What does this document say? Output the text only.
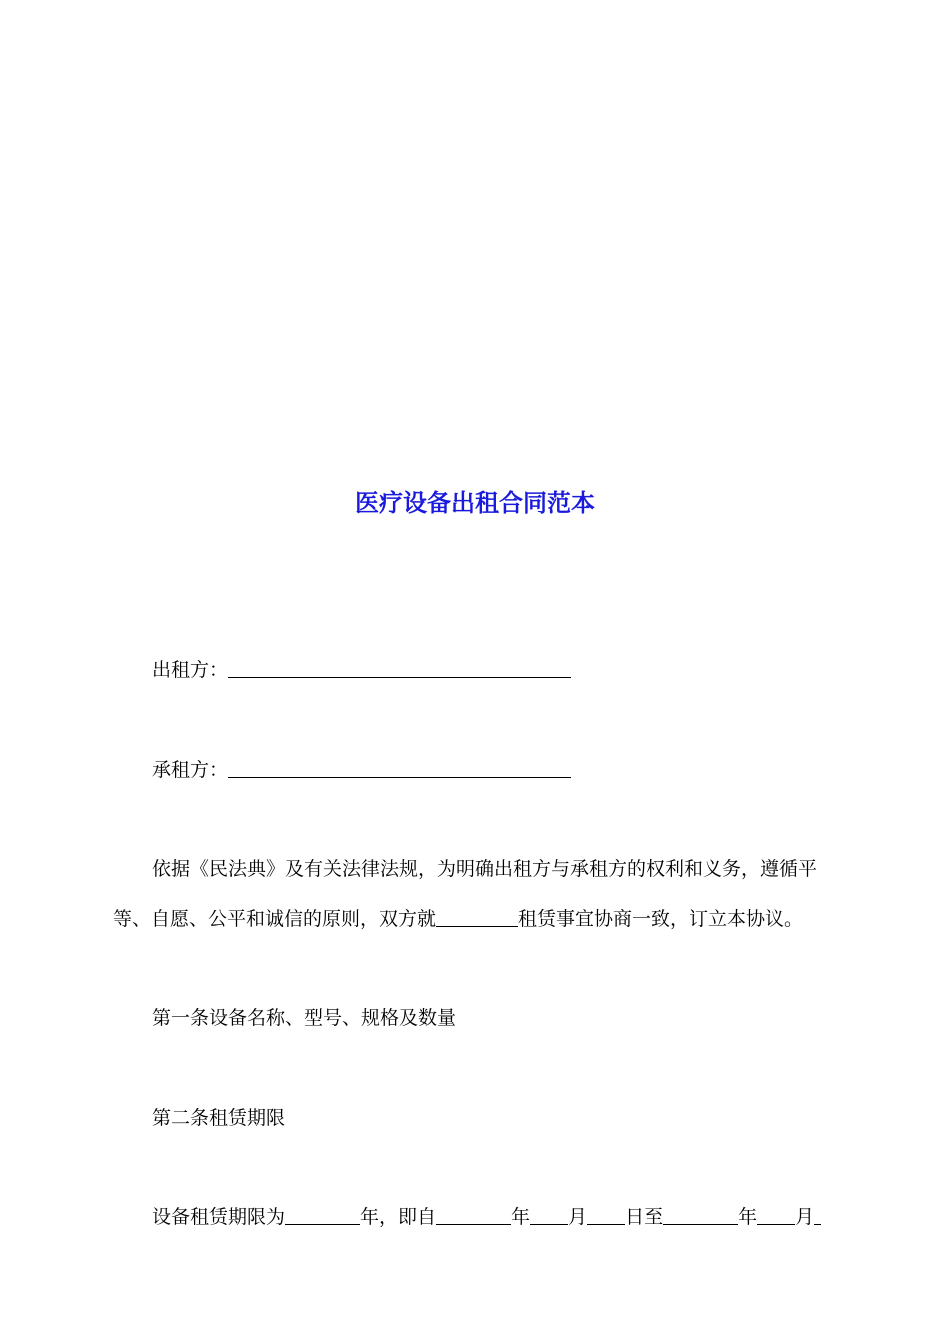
医疗设备出租合同范本

出租方：

承租方：

依据《民法典》及有关法律法规，为明确出租方与承租方的权利和义务，遵循平

等、自愿、公平和诚信的原则，双方就	租赁事宜协商一致，订立本协议。

第一条设备名称、型号、规格及数量

第二条租赁期限

设备租赁期限为	年，即自	年 月 日至	年 月
